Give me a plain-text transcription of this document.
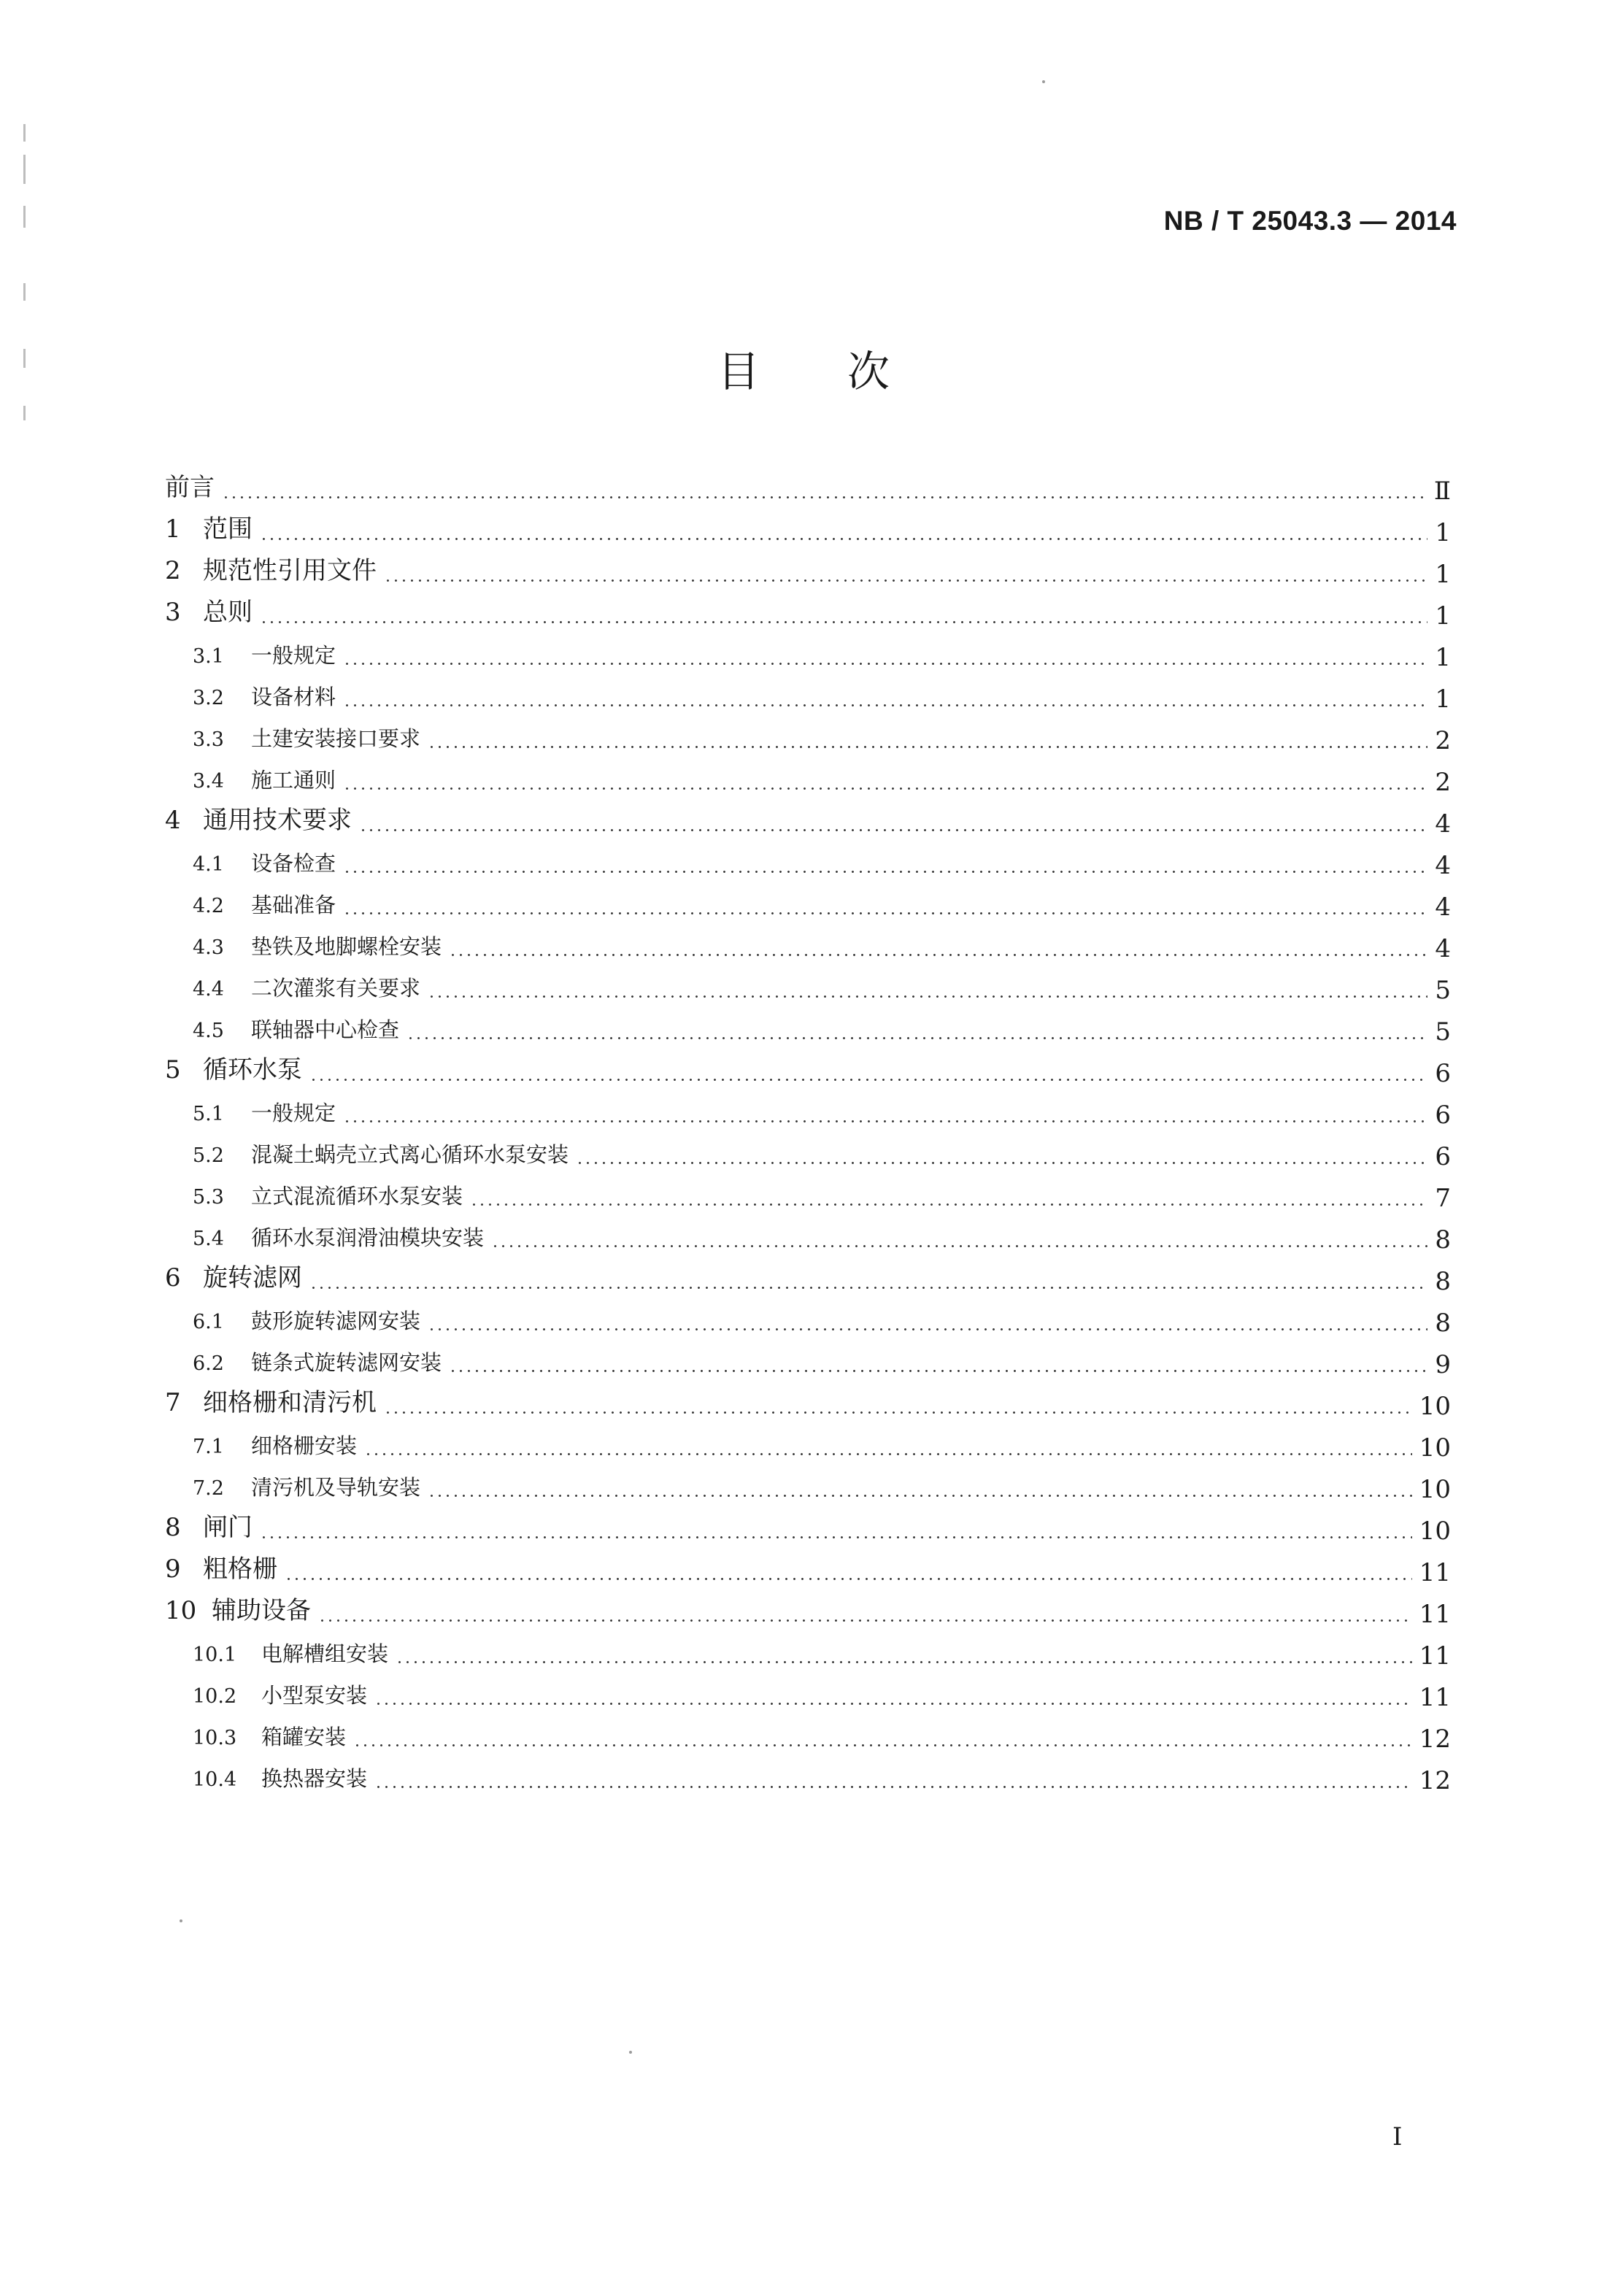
NB / T 25043.3 — 2014
目次
前言	Ⅱ
1 范围	1
2 规范性引用文件	1
3 总则	1
3.1	一般规定	1
3.2	设备材料	1
3.3	土建安装接口要求	2
3.4	施工通则	2
4 通用技术要求	4
4.1	设备检查	4
4.2	基础准备	4
4.3	垫铁及地脚螺栓安装	4
4.4	二次灌浆有关要求	5
4.5	联轴器中心检查	5
5 循环水泵	6
5.1	一般规定	6
5.2	混凝土蜗壳立式离心循环水泵安装	6
5.3	立式混流循环水泵安装	7
5.4	循环水泵润滑油模块安装	8
6 旋转滤网	8
6.1	鼓形旋转滤网安装	8
6.2	链条式旋转滤网安装	9
7 细格栅和清污机	10
7.1	细格栅安装	10
7.2	清污机及导轨安装	10
8 闸门	10
9 粗格栅	11
10 辅助设备	11
10.1	电解槽组安装	11
10.2	小型泵安装	11
10.3	箱罐安装	12
10.4	换热器安装	12
I
